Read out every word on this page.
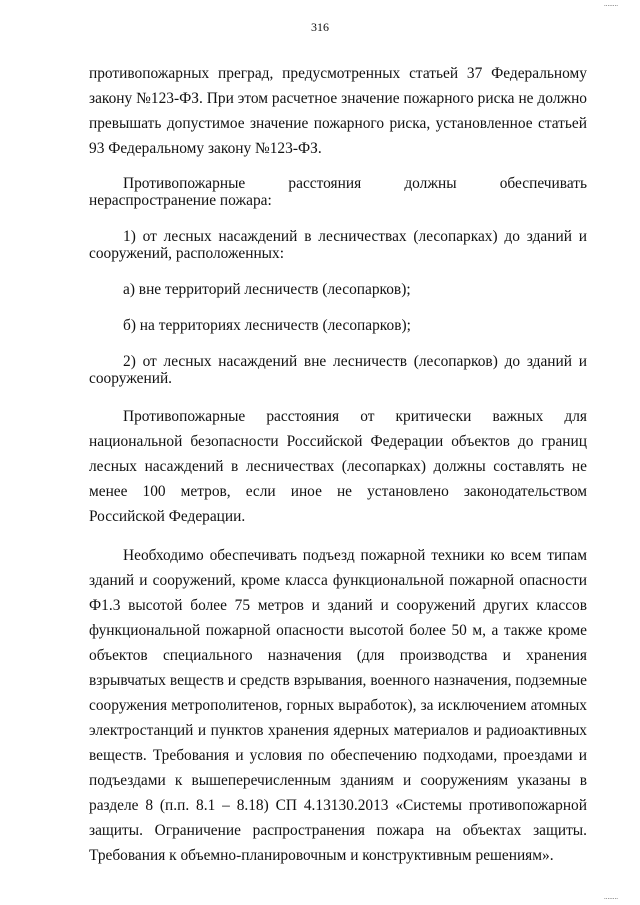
........
316

противопожарных преград, предусмотренных статьей 37 Федеральному закону №123-ФЗ. При этом расчетное значение пожарного риска не должно превышать допустимое значение пожарного риска, установленное статьей 93 Федеральному закону №123-ФЗ.

Противопожарные расстояния должны обеспечивать нераспространение пожара:

1) от лесных насаждений в лесничествах (лесопарках) до зданий и сооружений, расположенных:

а) вне территорий лесничеств (лесопарков);

б) на территориях лесничеств (лесопарков);

2) от лесных насаждений вне лесничеств (лесопарков) до зданий и сооружений.

Противопожарные расстояния от критически важных для национальной безопасности Российской Федерации объектов до границ лесных насаждений в лесничествах (лесопарках) должны составлять не менее 100 метров, если иное не установлено законодательством Российской Федерации.

Необходимо обеспечивать подъезд пожарной техники ко всем типам зданий и сооружений, кроме класса функциональной пожарной опасности Ф1.3 высотой более 75 метров и зданий и сооружений других классов функциональной пожарной опасности высотой более 50 м, а также кроме объектов специального назначения (для производства и хранения взрывчатых веществ и средств взрывания, военного назначения, подземные сооружения метрополитенов, горных выработок), за исключением атомных электростанций и пунктов хранения ядерных материалов и радиоактивных веществ. Требования и условия по обеспечению подходами, проездами и подъездами к вышеперечисленным зданиям и сооружениям указаны в разделе 8 (п.п. 8.1 – 8.18) СП 4.13130.2013 «Системы противопожарной защиты. Ограничение распространения пожара на объектах защиты. Требования к объемно-планировочным и конструктивным решениям».

........
